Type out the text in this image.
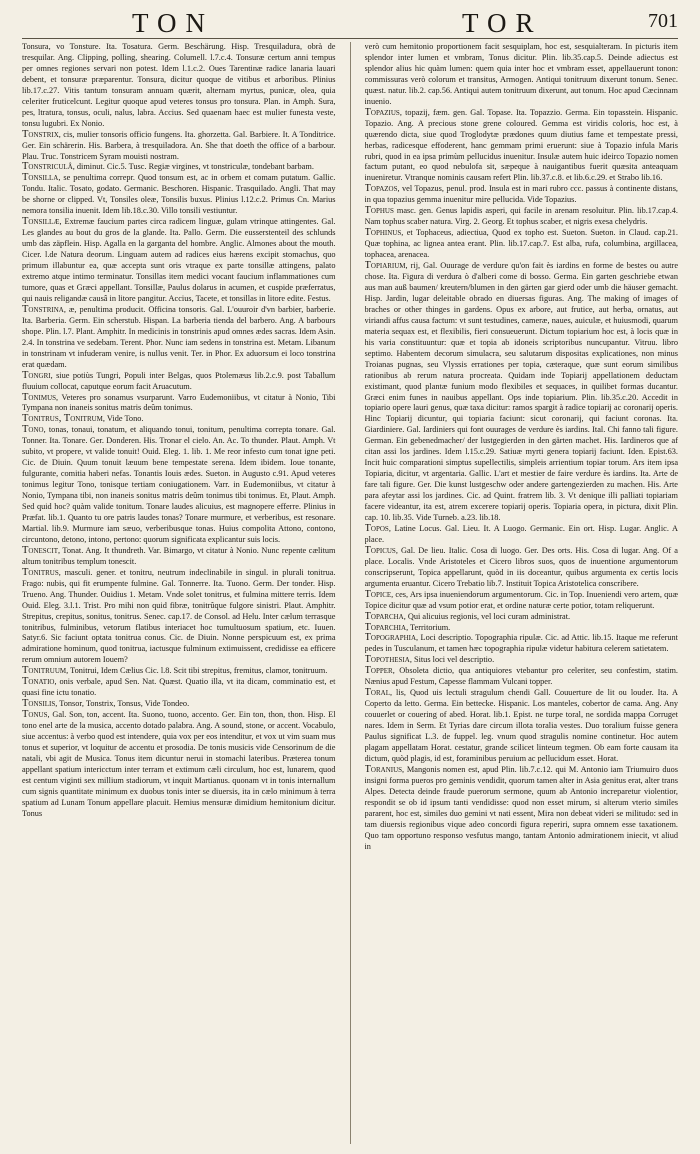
TON	TOR	701

Tonsura, vo Tonsture. Ita. Tosatura. Germ. Beschärung. Hisp. Tresquiladura, obrà de tresquilar. Ang. Clipping, polling, shearing. Columell. l.7.c.4. Tonsuræ certum anni tempus per omnes regiones servari non potest. Idem l.1.c.2. Oues Tarentinæ radice lanaria lauari debent, et tonsuræ præparentur. Tonsura, dicitur quoque de vitibus et arboribus. Plinius lib.17.c.27. Vitis tantum tonsuram annuam quærit, alternam myrtus, punicæ, olea, quia celeriter fruticelcunt. Legitur quoque apud veteres tonsus pro tonsura. Plan. in Amph. Sura, pes, ltratura, tonsus, oculi, nalus, labra. Accius. Sed quaenam haec est mulier funesta veste, tonsu lugubri. Ex Nonio.

Tonstrix, cis, mulier tonsoris officio fungens. Ita. ghorzetta. Gal. Barbiere. It. A Tonditrice. Ger. Ein schärerin. His. Barbera, à tresquiladora. An. She that doeth the office of a barbour. Plau. Truc. Tonstricem Syram mouisti nostram.

Tonstriculâ, diminut. Cic.5. Tusc. Regiæ virgines, vt tonstriculæ, tondebant barbam.

Tonsilla, se penultima correpr. Quod tonsum est, ac in orbem et comam putatum. Gallic. Tondu. Italic. Tosato, godato. Germanic. Beschoren. Hispanic. Trasquilado. Angli. That may be shorne or clipped. Vt, Tonsiles oleæ, Tonsilis buxus. Plinius l.12.c.2. Primus Cn. Marius nemora tonsilia inuenit. Idem lib.18.c.30. Villo tonsili vestiuntur.

Tonsillæ, Extremæ faucium partes circa radicem linguæ, gulam vtrinque attingentes. Gal. Les glandes au bout du gros de la glande. Ita. Pallo. Germ. Die eusserstenteil des schlunds umb das zäpflein. Hisp. Agalla en la garganta del hombre. Anglic. Almones about the mouth. Cicer. l.de Natura deorum. Linguam autem ad radices eius hærens excipit stomachus, quo primum illabuntur ea, quæ accepta sunt oris vtraque ex parte tonsillæ attingens, palato extremo atque intimo terminatur. Tonsillas item medici vocant faucium inflammationes cum tumore, quas et Græci appellant. Tonsillæ, Paulus dolarus in acumen, et cuspide præferratus, qui nauis religandæ causâ in litore pangitur. Accius, Tacete, et tonsillas in litore edite. Festus.

Tonstrina, æ, penultima producit. Officina tonsoris. Gal. L'ouuroir d'vn barbier, barberie. Ita. Barberia. Germ. Ein scherstub. Hispan. La barberia tienda del barbero. Ang. A barbours shope. Plin. l.7. Plant. Amphitr. In medicinis in tonstrinis apud omnes ædes sacras. Idem Asin. 2.4. In tonstrina ve sedebam. Terent. Phor. Nunc iam sedens in tonstrina est. Metam. Libanum in tonstrinam vt infuderam venire, is nullus venit. Ter. in Phor. Ex aduorsum ei loco tonstrina erat quædam.

Tongri, siue potiùs Tungri, Populi inter Belgas, quos Ptolemæus lib.2.c.9. post Taballum fluuium collocat, caputque eorum facit Aruacutum.

Tonimus, Veteres pro sonamus vsurparunt. Varro Eudemoniibus, vt citatur à Nonio, Tibi Tympana non inaneis sonitus matris deûm tonimus.

Tonitrus, Tonitrum, Vide Tono.

Tono, tonas, tonaui, tonatum, et aliquando tonui, tonitum, penultima correpta tonare. Gal. Tonner. Ita. Tonare. Ger. Donderen. His. Tronar el cielo. An. Ac. To thunder. Plaut. Amph. Vt subito, vt propere, vt valide tonuit! Ouid. Eleg. 1. lib. 1. Me reor infesto cum tonat igne peti. Cic. de Diuin. Quum tonuit læuum bene tempestate serena. Idem ibidem. Ioue tonante, fulgurante, comitia haberi nefas. Tonantis Iouis ædes. Sueton. in Augusto c.91. Apud veteres tonimus legitur Tono, tonisque tertiam coniugationem. Varr. in Eudemoniibus, vt citatur à Nonio, Tympana tibi, non inaneis sonitus matris deûm tonimus tibi tonimus. Et, Plaut. Amph. Sed quid hoc? quàm valide tonitum. Tonare laudes alicuius, est magnopere efferre. Plinius in Præfat. lib.1. Quanto tu ore patris laudes tonas? Tonare murmure, et verberibus, est resonare. Martial. lib.9. Murmure iam sæuo, verberibusque tonas. Huius compolita Attono, contono, circuntono, detono, intono, pertono: quorum significata explicantur suis locis.

Tonescit, Tonat. Ang. It thundreth. Var. Bimargo, vt citatur à Nonio. Nunc repente cælitum altum tonitribus templum tonescit.

Tonitrus, masculi. gener. et tonitru, neutrum indeclinabile in singul. in plurali tonitrua. Frago: nubis, qui fit erumpente fulmine. Gal. Tonnerre. Ita. Tuono. Germ. Der tonder. Hisp. Trueno. Ang. Thunder. Ouidius 1. Metam. Vnde solet tonitrus, et fulmina mittere terris. Idem Ouid. Eleg. 3.l.1. Trist. Pro mihi non quid fibræ, tonitrûque fulgore sinistri. Plaut. Amphitr. Strepitus, crepitus, sonitus, tonitrus. Senec. cap.17. de Consol. ad Helu. Inter cælum terrasque tonitribus, fulminibus, vetorum flatibus interiacet hoc tumultuosum spatium, etc. Iuuen. Satyr.6. Sic faciunt optata tonitrua conus. Cic. de Diuin. Nonne perspicuum est, ex prima admiratione hominum, quod tonitrua, iactusque fulminum extimuissent, credidisse ea efficere rerum omnium autorem Iouem?

Tonitruum, Tonitrui, Idem Cælius Cic. l.8. Scit tibi strepitus, fremitus, clamor, tonitruum.

Tonatio, onis verbale, apud Sen. Nat. Quæst. Quatio illa, vt ita dicam, comminatio est, et quasi fine ictu tonatio.

Tonsilis, Tonsor, Tonstrix, Tonsus, Vide Tondeo.

Tonus, Gal. Son, ton, accent. Ita. Suono, tuono, accento. Ger. Ein ton, thon, thon. Hisp. El tono enel arte de la musica, accento dotado palabra. Ang. A sound, stone, or accent. Vocabulo, siue accentus: à verbo quod est intendere, quia vox per eos intenditur, et vox ut vim suam mus tonus et superior, vt loquitur de accentu et prosodia. De tonis musicis vide Censorinum de die natali, vbi agit de Musica. Tonus item dicuntur nerui in stomachi lateribus. Præterea tonum appellant spatium intericctum inter terram et extimum cæli circulum, hoc est, lunarem, quod est centum viginti sex millium stadiorum, vt inquit Martianus. quonam vt in tonis internallum cum signis quantitate minimum ex duobus tonis inter se diuersis, ita in cælo minimum à terra spatium ad Lunam Tonum appellare placuit. Hemius mensuræ dimidium hemitonium dicitur. Tonus

verò cum hemitonio proportionem facit sesquiplam, hoc est, sesquialteram. In picturis item splendor inter lumen et vmbram, Tonus dicitur. Plin. lib.35.cap.5. Deinde adiectus est splendor alius hic quàm lumen: quem quia inter hoc et vmbram esset, appellauerunt tonon: commissuras verò colorum et transitus, Armogen. Antiqui tonitruum dixerunt tonum. Senec. quæst. natur. lib.2. cap.56. Antiqui autem tonitruum dixerunt, aut tonum. Hoc apud Cæcinnam inuenio.

Topazius, topazij, fæm. gen. Gal. Topase. Ita. Topazzio. Germa. Ein topasstein. Hispanic. Topazio. Ang. A precious stone grene coloured. Gemma est viridis coloris, hoc est, à quærendo dicta, siue quod Troglodytæ prædones quum diutius fame et tempestate pressi, herbas, radicesque effoderent, hanc gemmam primi eruerunt: siue à Topazio infula Maris rubri, quod in ea ipsa primùm pellucidus inuenitur. Insulæ autem huic ideirco Topazio nomen factum putant, eo quod nebulofa sit, sæpeque à nauigantibus fuerit quæsita anteaquam inueniretur. Vtranque nominis causam refert Plin. lib.37.c.8. et lib.6.c.29. et Strabo lib.16.

Topazos, vel Topazus, penul. prod. Insula est in mari rubro ccc. passus à continente distans, in qua topazius gemma inuenitur mire pellucida. Vide Topazius.

Tophus masc. gen. Genus lapidis asperi, qui facile in arenam resoluitur. Plin. lib.17.cap.4. Nam tophus scaber natura. Virg. 2. Georg. Et tophus scaber, et nigris exesa chelydris.

Tophinus, et Tophaceus, adiectiua, Quod ex topho est. Sueton. Sueton. in Claud. cap.21. Quæ tophina, ac lignea antea erant. Plin. lib.17.cap.7. Est alba, rufa, columbina, argillacea, tophacea, arenacea.

Topiarium, rij, Gal. Ouurage de verdure qu'on fait ès iardins en forme de bestes ou autre chose. Ita. Figura di verdura ò d'alberi come di bosso. Germa. Ein garten geschriebe etwan aus man auß baumen/ kreutern/blumen in den gärten gar gierd oder umb die häuser gemacht. Hisp. Jardin, lugar deleitable obrado en diuersas figuras. Ang. The making of images of braches or other thinges in gardens. Opus ex arbore, aut frutice, aut herba, ornatus, aut viriandi affus causa factum: vt sunt testudines, cameræ, naues, auiculæ, et huiusmodi, quarum materia sequax est, et flexibilis, fieri consueuerunt. Dictum topiarium hoc est, à locis quæ in his varia constituuntur: quæ et topia ab idoneis scriptoribus nuncupantur. Vitruu. libro septimo. Habentem decorum simulacra, seu salutarum dispositas explicationes, non minus Troianas pugnas, seu Vlyssis errationes per topia, cæteraque, quæ sunt eorum similibus rationibus ab rerum natura procreata. Quidam inde Topiarij appellationem deductam existimant, quod plantæ funium modo flexibiles et sequaces, in quilibet formas ducantur. Græci enim funes in nauibus appellant. Ops inde topiarium. Plin. lib.35.c.20. Accedit in topiario opere lauri genus, quæ taxa dicitur: ramos spargit à radice topiarij ac coronarij operis. Hinc Topiarij dicuntur, qui topiaria faciunt: sicut coronarij, qui faciunt coronas. Ita. Giardiniere. Gal. Iardiniers qui font ouurages de verdure ès iardins. Ital. Chi fanno tali figure. German. Ein gebenedmacher/ der lustgegierden in den gärten machet. His. Iardineros que af citan assi los jardines. Idem l.15.c.29. Satiuæ myrti genera topiarij faciunt. Iden. Epist.63. Incit huic comparationi simptus supellectilis, simpleis arrientium topiar torum. Ars item ipsa Topiaria, dicitur, vt argentaria. Gallic. L'art et mestier de faire verdure ès iardins. Ita. Arte de fare tali figure. Ger. Die kunst lustgeschw oder andere gartengezierden zu machen. His. Arte para afeytar assi los jardines. Cic. ad Quint. fratrem lib. 3. Vt denique illi palliati topiariam facere videantur, ita est, atrem excerere topiarij operis. Topiaria opera, in pictura, dixit Plin. cap. 10. lib.35. Vide Turneb. a.23. lib.18.

Topos, Latine Locus. Gal. Lieu. It. A Luogo. Germanic. Ein ort. Hisp. Lugar. Anglic. A place.

Topicus, Gal. De lieu. Italic. Cosa di luogo. Ger. Des orts. His. Cosa di lugar. Ang. Of a place. Localis. Vnde Aristoteles et Cicero libros suos, quos de inuentione argumentorum conscripserunt, Topica appellarunt, quòd in iis doceantur, quibus argumenta ex certis locis argumenta eruantur. Cicero Trebatio lib.7. Instituit Topica Aristotelica conscribere.

Topice, ces, Ars ipsa inueniendorum argumentorum. Cic. in Top. Inueniendi vero artem, quæ Topice dicitur quæ ad vsum potior erat, et ordine naturæ certe potior, totam reliquerunt.

Toparcha, Qui alicuius regionis, vel loci curam administrat.

Toparchia, Territorium.

Topographia, Loci descriptio. Topographia ripulæ. Cic. ad Attic. lib.15. Itaque me referunt pedes in Tusculanum, et tamen hæc topographia ripulæ videtur habitura celerem satietatem.

Topothesia, Situs loci vel descriptio.

Topper, Obsoleta dictio, qua antiquiores vtebantur pro celeriter, seu confestim, statim. Nænius apud Festum, Capesse flammam Vulcani topper.

Toral, lis, Quod uis lectuli stragulum chendi Gall. Couuerture de lit ou louder. Ita. A Coperto da letto. Germa. Ein bettecke. Hispanic. Los manteles, cobertor de cama. Ang. Any couuerlet or couering of abed. Horat. lib.1. Epist. ne turpe toral, ne sordida mappa Corruget nares. Idem in Serm. Et Tyrias dare circum illota toralia vestes. Duo toralium fuisse genera Paulus significat L.3. de fuppel. leg. vnum quod stragulis nomine continetur. Hoc autem plagam appellatam Horat. cestatur, grande scilicet linteum tegmen. Ob eam forte causam ita dictum, quòd plagis, id est, foraminibus peruium ac pellucidum esset. Horat.

Toranius, Mangonis nomen est, apud Plin. lib.7.c.12. qui M. Antonio iam Triumuiro duos insigni forma pueros pro geminis vendidit, quorum tamen alter in Asia genitus erat, alter trans Alpes. Detecta deinde fraude puerorum sermone, quum ab Antonio increparetur violentior, respondit se ob id ipsum tanti vendidisse: quod non esset mirum, si alterum vterio similes pararent, hoc est, similes duo gemini vt nati essent, Mira non debeat videri se militudo: sed in tam diuersis regionibus vique adeo concordi figura reperiri, supra omnem esse taxationem. Quo tam opportuno responso vesfutus mango, tantam Antonio admirationem iniecit, vt aliud in
